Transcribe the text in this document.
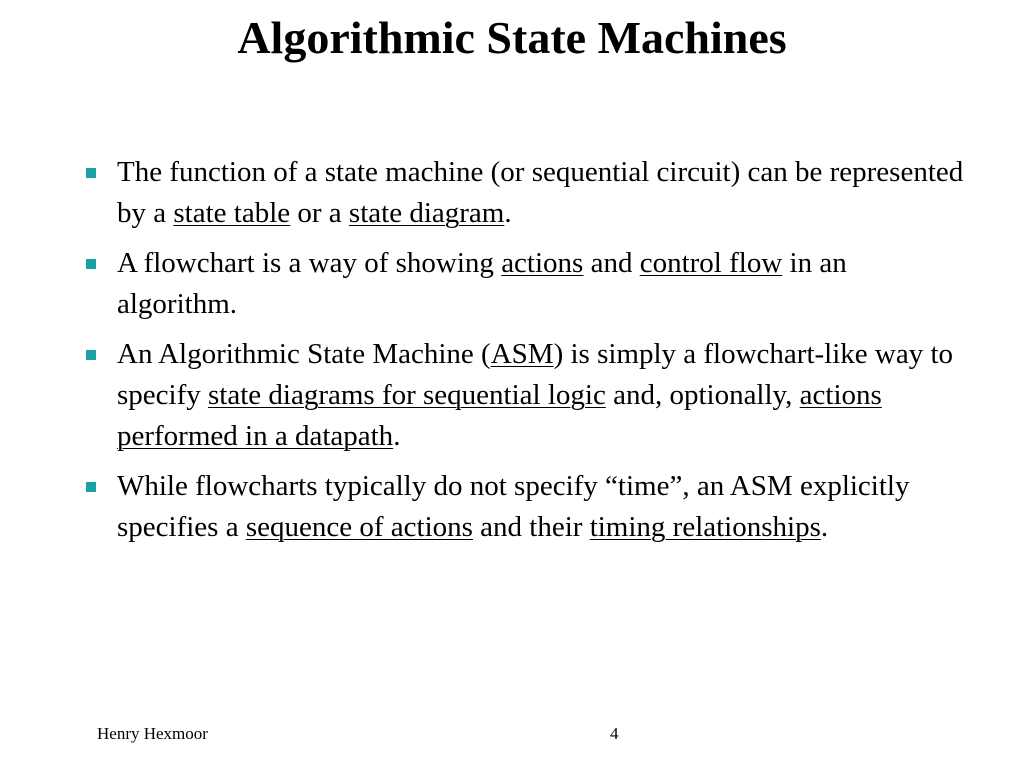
Algorithmic State Machines
The function of a state machine (or sequential circuit) can be represented by a state table or a state diagram.
A flowchart is a way of showing actions and control flow in an algorithm.
An Algorithmic State Machine (ASM) is simply a flowchart-like way to specify state diagrams for sequential logic and, optionally, actions performed in a datapath.
While flowcharts typically do not specify “time”, an ASM explicitly specifies a sequence of actions and their timing relationships.
Henry Hexmoor	4
